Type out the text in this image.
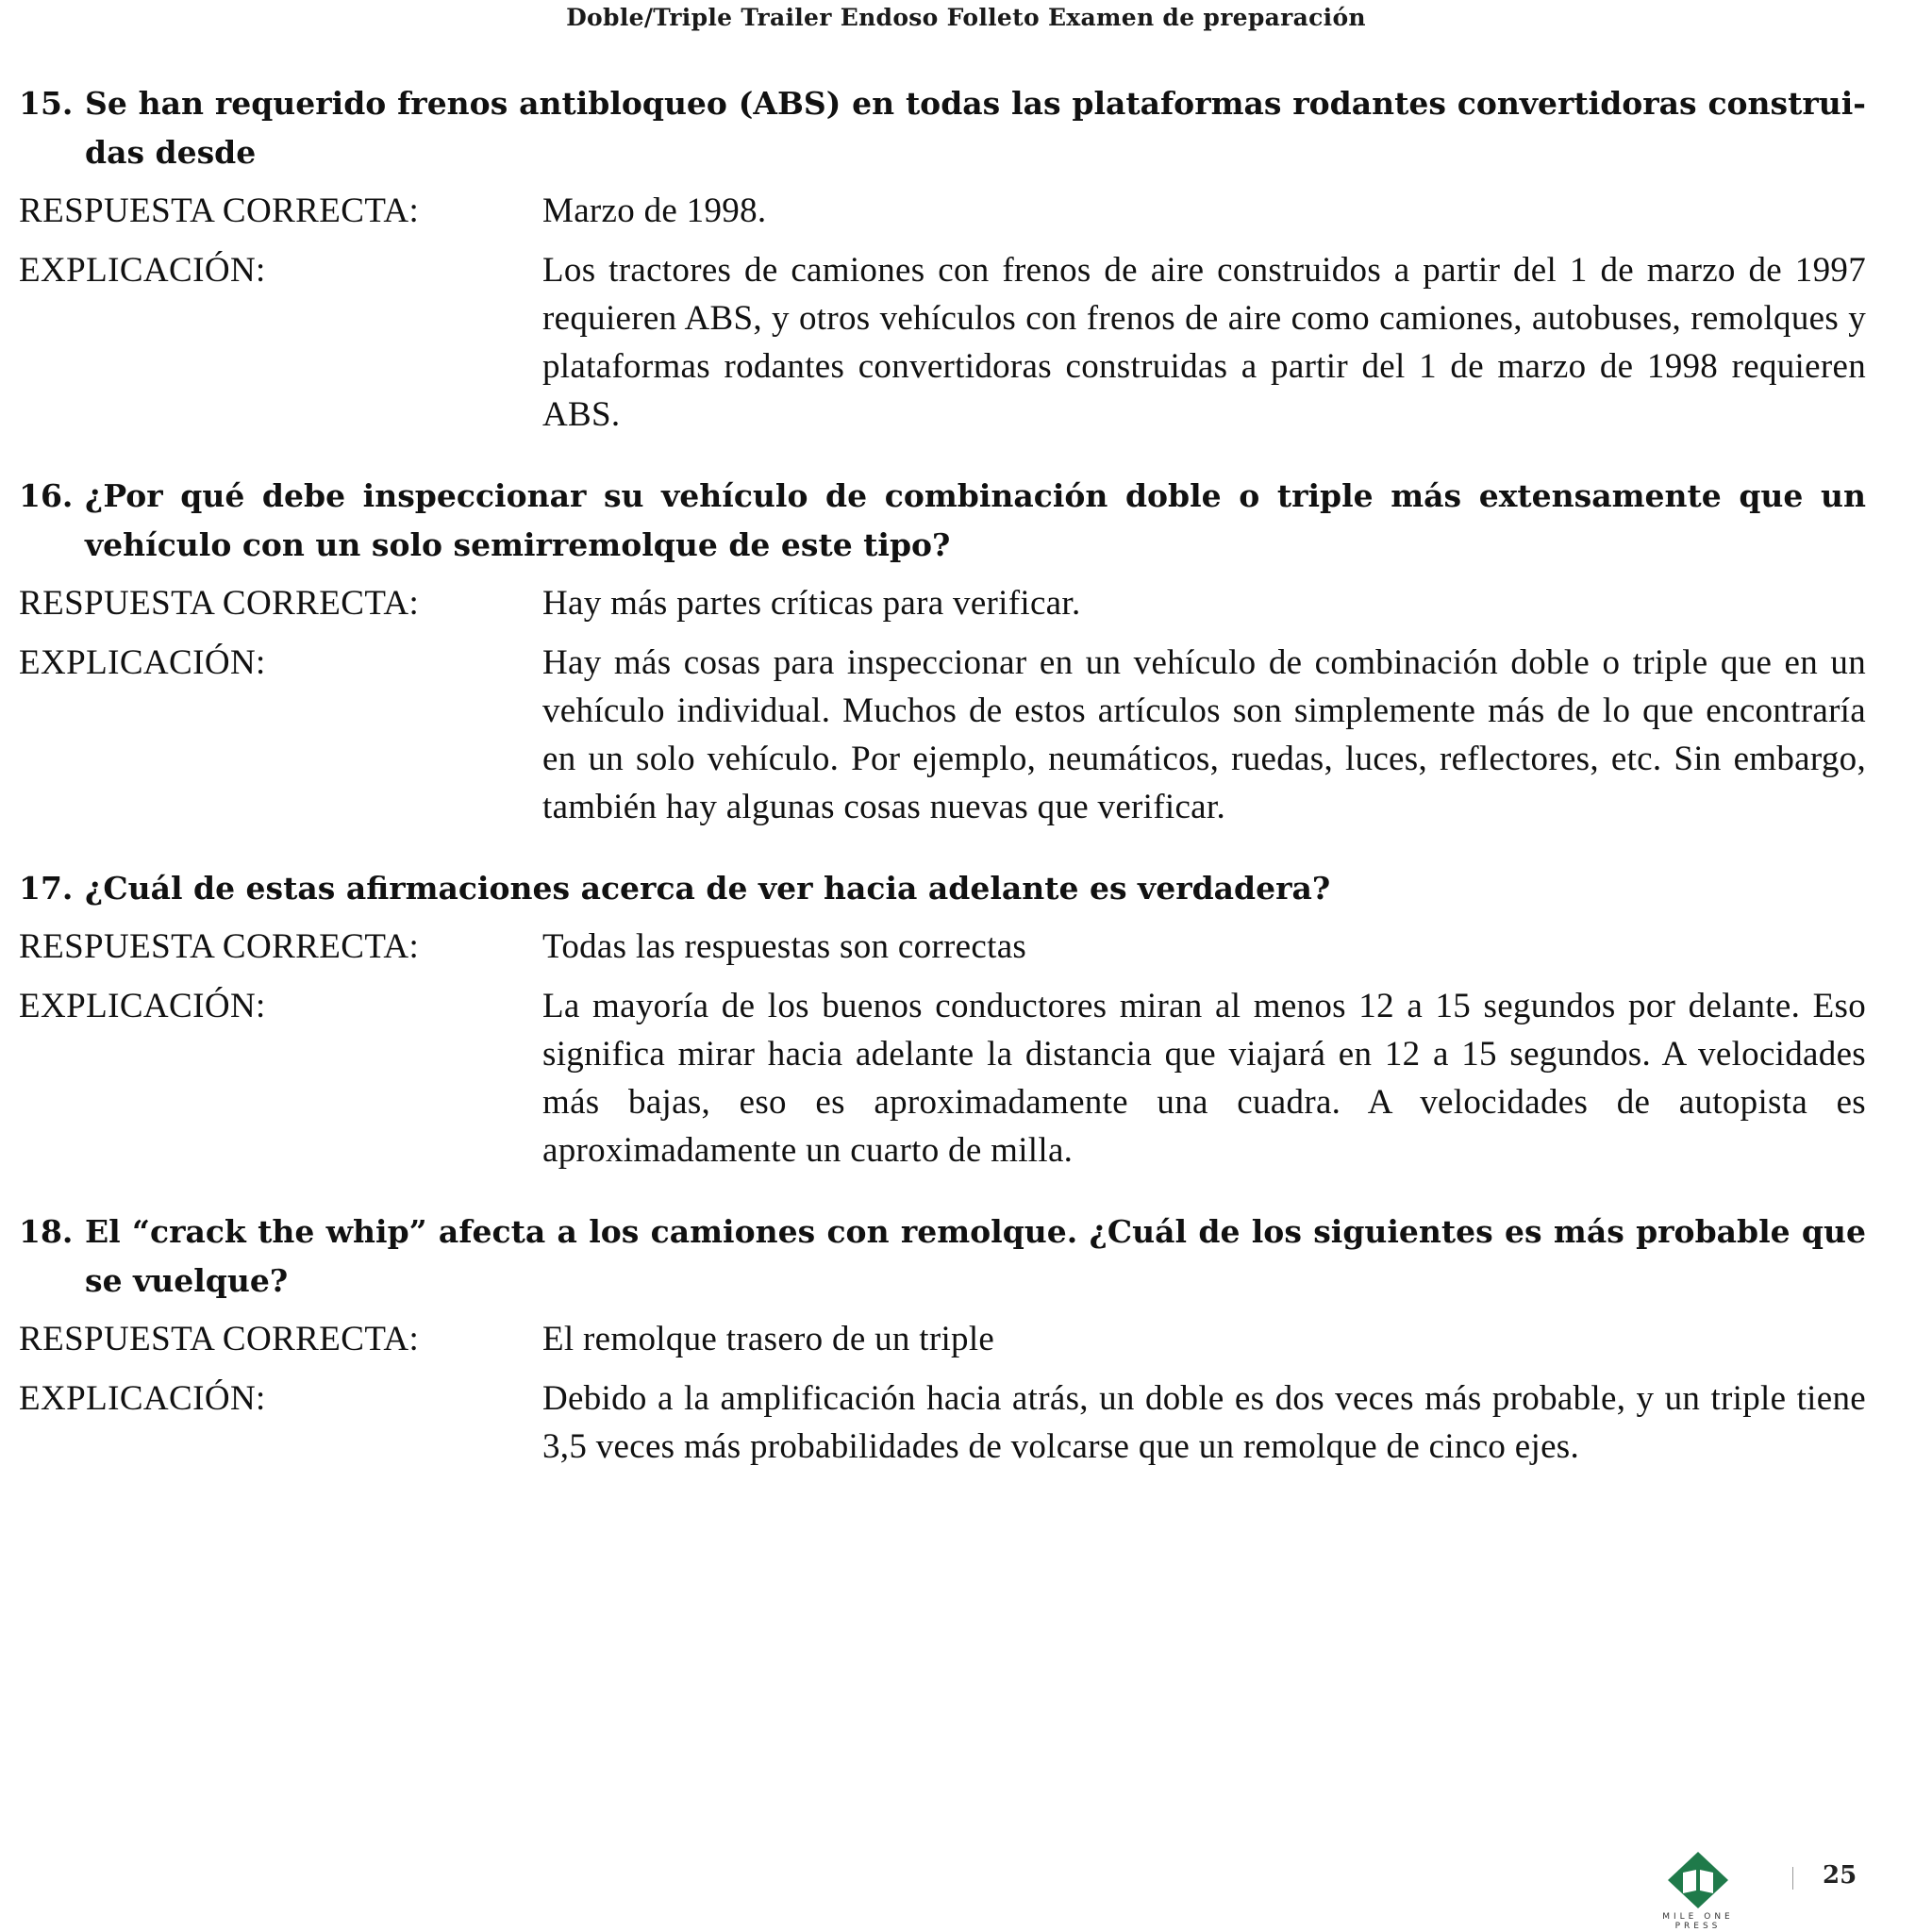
Doble/Triple Trailer Endoso Folleto Examen de preparación

15. Se han requerido frenos antibloqueo (ABS) en todas las plataformas rodantes convertidoras construidas desde

RESPUESTA CORRECTA:	Marzo de 1998.
EXPLICACIÓN:	Los tractores de camiones con frenos de aire construidos a partir del 1 de marzo de 1997 requieren ABS, y otros vehículos con frenos de aire como camiones, autobuses, remolques y plataformas rodantes convertidoras construidas a partir del 1 de marzo de 1998 requieren ABS.

16. ¿Por qué debe inspeccionar su vehículo de combinación doble o triple más extensamente que un vehículo con un solo semirremolque de este tipo?

RESPUESTA CORRECTA:	Hay más partes críticas para verificar.
EXPLICACIÓN:	Hay más cosas para inspeccionar en un vehículo de combinación doble o triple que en un vehículo individual. Muchos de estos artículos son simplemente más de lo que encontraría en un solo vehículo. Por ejemplo, neumáticos, ruedas, luces, reflectores, etc. Sin embargo, también hay algunas cosas nuevas que verificar.

17. ¿Cuál de estas afirmaciones acerca de ver hacia adelante es verdadera?

RESPUESTA CORRECTA:	Todas las respuestas son correctas
EXPLICACIÓN:	La mayoría de los buenos conductores miran al menos 12 a 15 segundos por delante. Eso significa mirar hacia adelante la distancia que viajará en 12 a 15 segundos. A velocidades más bajas, eso es aproximadamente una cuadra. A velocidades de autopista es aproximadamente un cuarto de milla.

18. El “crack the whip” afecta a los camiones con remolque. ¿Cuál de los siguientes es más probable que se vuelque?

RESPUESTA CORRECTA:	El remolque trasero de un triple
EXPLICACIÓN:	Debido a la amplificación hacia atrás, un doble es dos veces más probable, y un triple tiene 3,5 veces más probabilidades de volcarse que un remolque de cinco ejes.
MILE ONE PRESS
25
